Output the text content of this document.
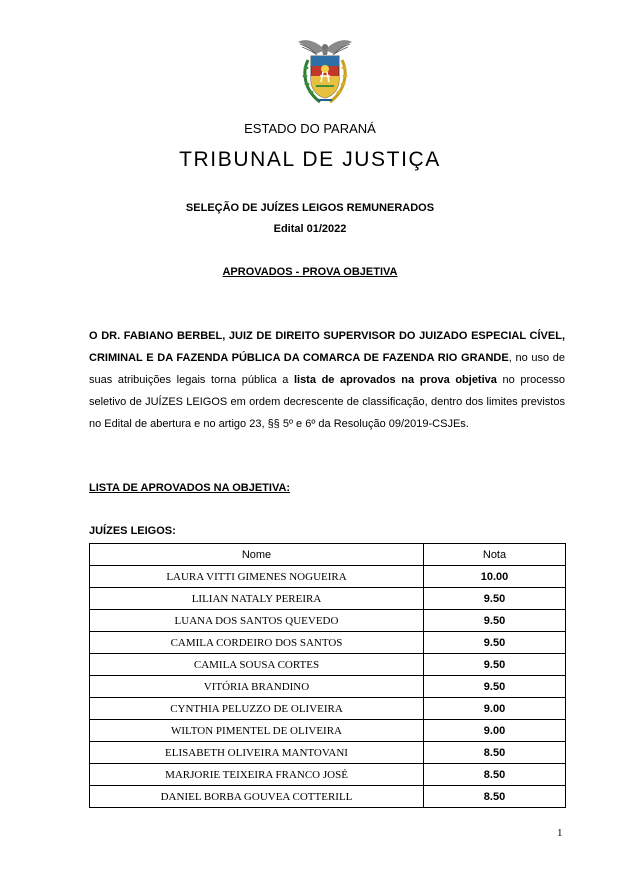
ESTADO DO PARANÁ
TRIBUNAL DE JUSTIÇA
SELEÇÃO DE JUÍZES LEIGOS REMUNERADOS
Edital 01/2022
APROVADOS - PROVA OBJETIVA
O DR. FABIANO BERBEL, JUIZ DE DIREITO SUPERVISOR DO JUIZADO ESPECIAL CÍVEL, CRIMINAL E DA FAZENDA PÚBLICA DA COMARCA DE FAZENDA RIO GRANDE, no uso de suas atribuições legais torna pública a lista de aprovados na prova objetiva no processo seletivo de JUÍZES LEIGOS em ordem decrescente de classificação, dentro dos limites previstos no Edital de abertura e no artigo 23, §§ 5º e 6º da Resolução 09/2019-CSJEs.
LISTA DE APROVADOS NA OBJETIVA:
JUÍZES LEIGOS:
Nome	Nota
LAURA VITTI GIMENES NOGUEIRA	10.00
LILIAN NATALY PEREIRA	9.50
LUANA DOS SANTOS QUEVEDO	9.50
CAMILA CORDEIRO DOS SANTOS	9.50
CAMILA SOUSA CORTES	9.50
VITÓRIA BRANDINO	9.50
CYNTHIA PELUZZO DE OLIVEIRA	9.00
WILTON PIMENTEL DE OLIVEIRA	9.00
ELISABETH OLIVEIRA MANTOVANI	8.50
MARJORIE TEIXEIRA FRANCO JOSÉ	8.50
DANIEL BORBA GOUVEA COTTERILL	8.50
1
